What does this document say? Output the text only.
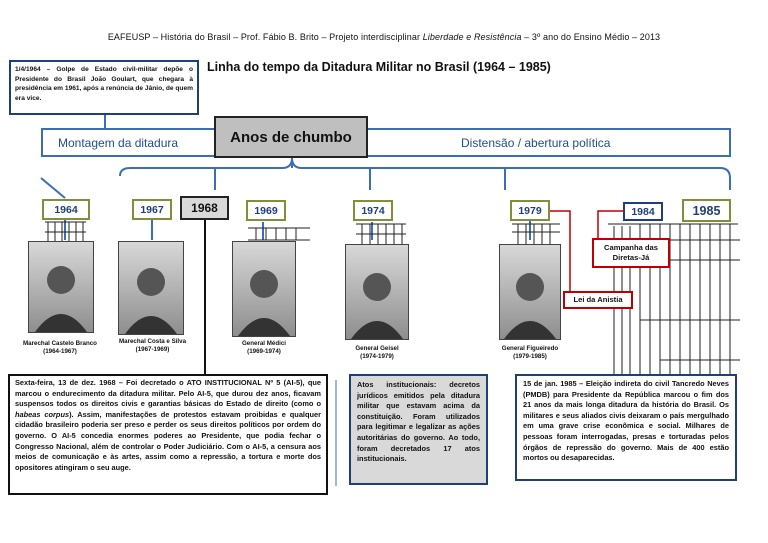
EAFEUSP – História do Brasil – Prof. Fábio B. Brito – Projeto interdisciplinar Liberdade e Resistência – 3º ano do Ensino Médio – 2013
Linha do tempo da Ditadura Militar no Brasil (1964 – 1985)
1/4/1964 – Golpe de Estado civil-militar depõe o Presidente do Brasil João Goulart, que chegara à presidência em 1961, após a renúncia de Jânio, de quem era vice.
Montagem da ditadura	Distensão / abertura política
Anos de chumbo
1964	1967	1968	1969	1974	1979	1984	1985
Marechal Castelo Branco
(1964-1967)
Marechal Costa e Silva
(1967-1969)
General Médici
(1969-1974)	General Geisel
(1974-1979)
General Figueiredo
(1979-1985)
Lei da Anistia
Campanha das Diretas-Já
Sexta-feira, 13 de dez. 1968 – Foi decretado o ATO INSTITUCIONAL Nº 5 (AI-5), que marcou o endurecimento da ditadura militar. Pelo AI-5, que durou dez anos, ficavam suspensos todos os direitos civis e garantias básicas do Estado de direito (como o habeas corpus). Assim, manifestações de protestos estavam proibidas e qualquer cidadão brasileiro poderia ser preso e perder os seus direitos políticos por ordem do governo. O AI-5 concedia enormes poderes ao Presidente, que podia fechar o Congresso Nacional, além de controlar o Poder Judiciário. Com o AI-5, a censura aos meios de comunicação e às artes, assim como a repressão, a tortura e morte dos opositores atingiram o seu auge.
Atos institucionais: decretos jurídicos emitidos pela ditadura militar que estavam acima da constituição. Foram utilizados para legitimar e legalizar as ações autoritárias do governo. Ao todo, foram decretados 17 atos institucionais.
15 de jan. 1985 – Eleição indireta do civil Tancredo Neves (PMDB) para Presidente da República marcou o fim dos 21 anos da mais longa ditadura da história do Brasil. Os militares e seus aliados civis deixaram o país mergulhado em uma grave crise econômica e social. Milhares de pessoas foram interrogadas, presas e torturadas pelos órgãos de repressão do governo. Mais de 400 estão mortos ou desaparecidas.
